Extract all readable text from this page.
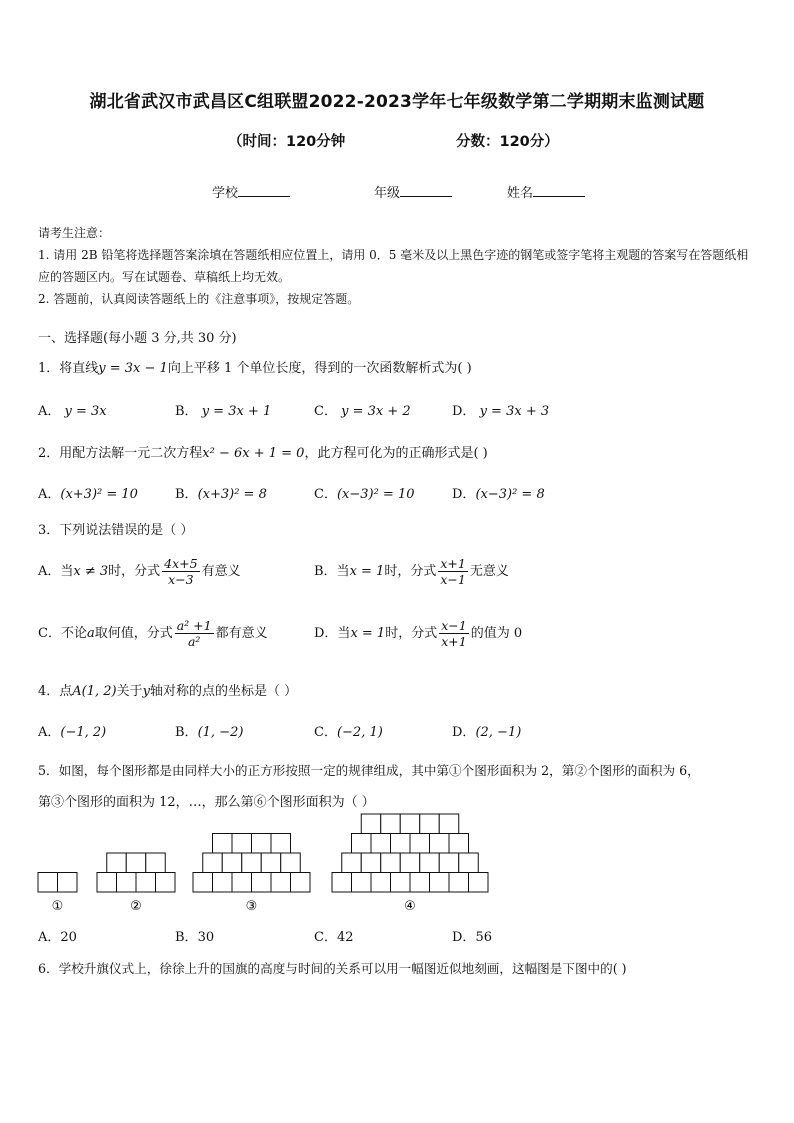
湖北省武汉市武昌区C组联盟2022-2023学年七年级数学第二学期期末监测试题
（时间：120分钟	分数：120分）
学校	年级	姓名
请考生注意：
1. 请用 2B 铅笔将选择题答案涂填在答题纸相应位置上，请用 0．5 毫米及以上黑色字迹的钢笔或签字笔将主观题的答案写在答题纸相应的答题区内。写在试题卷、草稿纸上均无效。
2. 答题前，认真阅读答题纸上的《注意事项》，按规定答题。
一、选择题(每小题 3 分,共 30 分)
1．将直线y = 3x − 1向上平移 1 个单位长度，得到的一次函数解析式为( )
A． y = 3x	B． y = 3x + 1	C． y = 3x + 2	D． y = 3x + 3
2．用配方法解一元二次方程x² − 6x + 1 = 0，此方程可化为的正确形式是( )
A．(x+3)² = 10	B．(x+3)² = 8	C．(x−3)² = 10	D．(x−3)² = 8
3．下列说法错误的是（ ）
A．当x ≠ 3时，分式 $\frac{4x+5}{x-3}$ 有意义	B．当x = 1时，分式 $\frac{x+1}{x-1}$ 无意义
C．不论a取何值，分式 $\frac{\text{a² +1}}{\text{a²}}$ 都有意义	D．当x = 1时，分式 $\frac{x-1}{x+1}$ 的值为 0
4．点A(1, 2)关于y轴对称的点的坐标是（ ）
A．(−1, 2)	B．(1, −2)	C．(−2, 1)	D．(2, −1)
5．如图，每个图形都是由同样大小的正方形按照一定的规律组成，其中第①个图形面积为 2，第②个图形的面积为 6，
第③个图形的面积为 12，…，那么第⑥个图形面积为（ ）
①	②	③	④
A．20	B．30	C．42	D．56
6．学校升旗仪式上，徐徐上升的国旗的高度与时间的关系可以用一幅图近似地刻画，这幅图是下图中的( )
